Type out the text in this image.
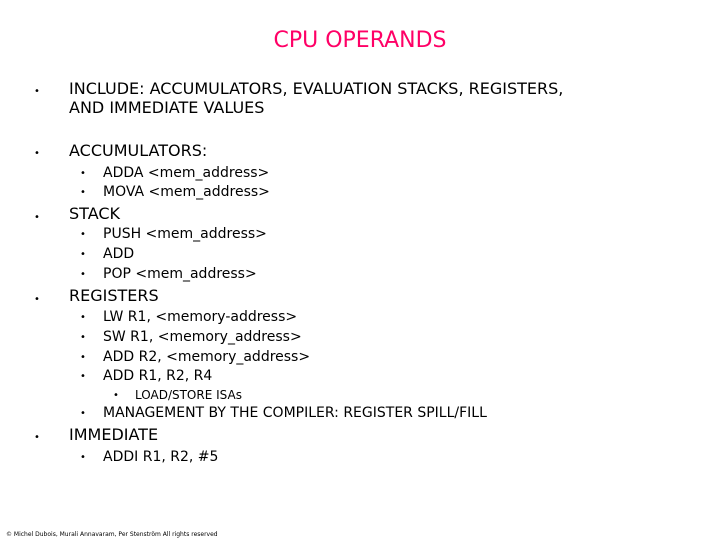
CPU OPERANDS
• INCLUDE: ACCUMULATORS, EVALUATION STACKS, REGISTERS,
AND IMMEDIATE VALUES
• ACCUMULATORS:
• ADDA <mem_address>
• MOVA <mem_address>
• STACK
• PUSH <mem_address>
• ADD
• POP <mem_address>
• REGISTERS
• LW R1, <memory-address>
• SW R1, <memory_address>
• ADD R2, <memory_address>
• ADD R1, R2, R4
• LOAD/STORE ISAs
• MANAGEMENT BY THE COMPILER: REGISTER SPILL/FILL
• IMMEDIATE
• ADDI R1, R2, #5
© Michel Dubois, Murali Annavaram, Per Stenström All rights reserved
